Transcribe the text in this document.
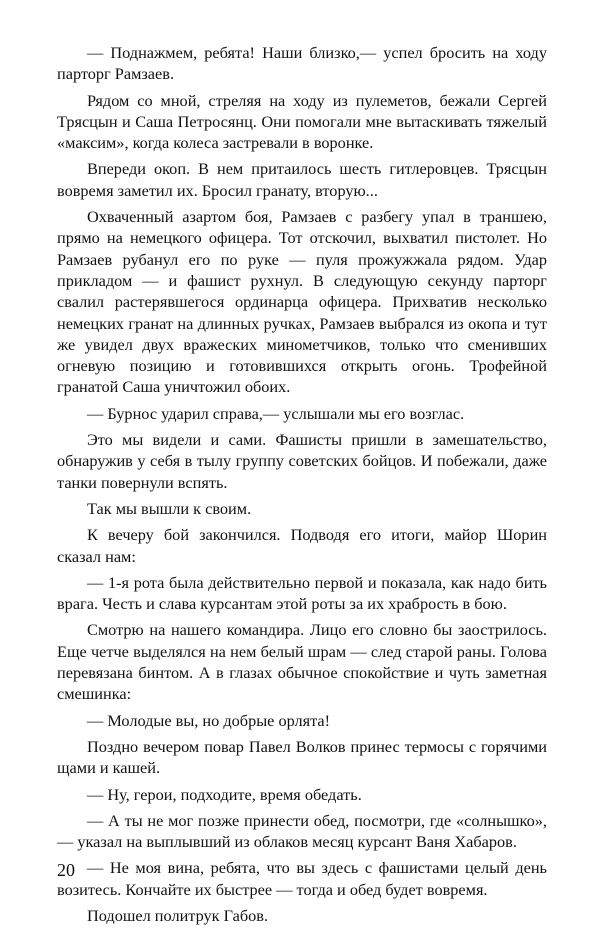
— Поднажмем, ребята! Наши близко,— успел бросить на ходу парторг Рамзаев.

Рядом со мной, стреляя на ходу из пулеметов, бежали Сергей Трясцын и Саша Петросянц. Они помогали мне вытаскивать тяжелый «максим», когда колеса застревали в воронке.

Впереди окоп. В нем притаилось шесть гитлеровцев. Трясцын вовремя заметил их. Бросил гранату, вторую...

Охваченный азартом боя, Рамзаев с разбегу упал в траншею, прямо на немецкого офицера. Тот отскочил, выхватил пистолет. Но Рамзаев рубанул его по руке — пуля прожужжала рядом. Удар прикладом — и фашист рухнул. В следующую секунду парторг свалил растерявшегося ординарца офицера. Прихватив несколько немецких гранат на длинных ручках, Рамзаев выбрался из окопа и тут же увидел двух вражеских минометчиков, только что сменивших огневую позицию и готовившихся открыть огонь. Трофейной гранатой Саша уничтожил обоих.

— Бурнос ударил справа,— услышали мы его возглас.

Это мы видели и сами. Фашисты пришли в замешательство, обнаружив у себя в тылу группу советских бойцов. И побежали, даже танки повернули вспять.

Так мы вышли к своим.

К вечеру бой закончился. Подводя его итоги, майор Шорин сказал нам:

— 1-я рота была действительно первой и показала, как надо бить врага. Честь и слава курсантам этой роты за их храбрость в бою.

Смотрю на нашего командира. Лицо его словно бы заострилось. Еще четче выделялся на нем белый шрам — след старой раны. Голова перевязана бинтом. А в глазах обычное спокойствие и чуть заметная смешинка:

— Молодые вы, но добрые орлята!

Поздно вечером повар Павел Волков принес термосы с горячими щами и кашей.

— Ну, герои, подходите, время обедать.

— А ты не мог позже принести обед, посмотри, где «солнышко»,— указал на выплывший из облаков месяц курсант Ваня Хабаров.

— Не моя вина, ребята, что вы здесь с фашистами целый день возитесь. Кончайте их быстрее — тогда и обед будет вовремя.

Подошел политрук Габов.

20
